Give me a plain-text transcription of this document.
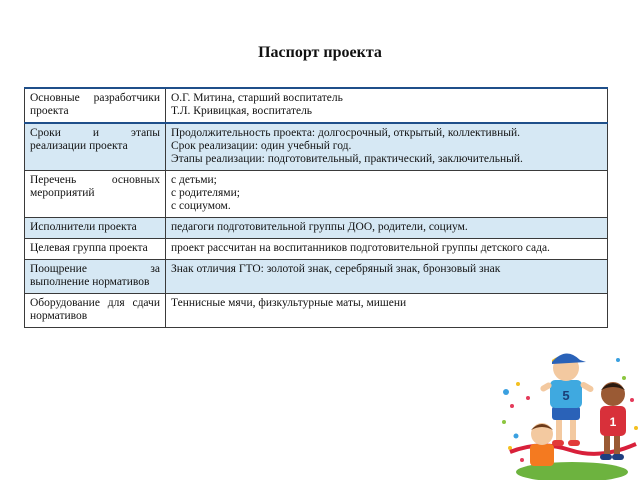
Паспорт проекта
Основные разработчики проекта	О.Г. Митина, старший воспитатель
Т.Л. Кривицкая, воспитатель

Сроки и этапы реализации проекта	Продолжительность проекта: долгосрочный, открытый, коллективный.
Срок реализации: один учебный год.
Этапы реализации: подготовительный, практический, заключительный.

Перечень основных мероприятий	с детьми;
с родителями;
с социумом.

Исполнители проекта	педагоги подготовительной группы ДОО, родители, социум.

Целевая группа проекта	проект рассчитан на воспитанников подготовительной группы детского сада.

Поощрение за выполнение нормативов	Знак отличия ГТО: золотой знак, серебряный знак, бронзовый знак

Оборудование для сдачи нормативов	Теннисные мячи, физкультурные маты, мишени
5
1
